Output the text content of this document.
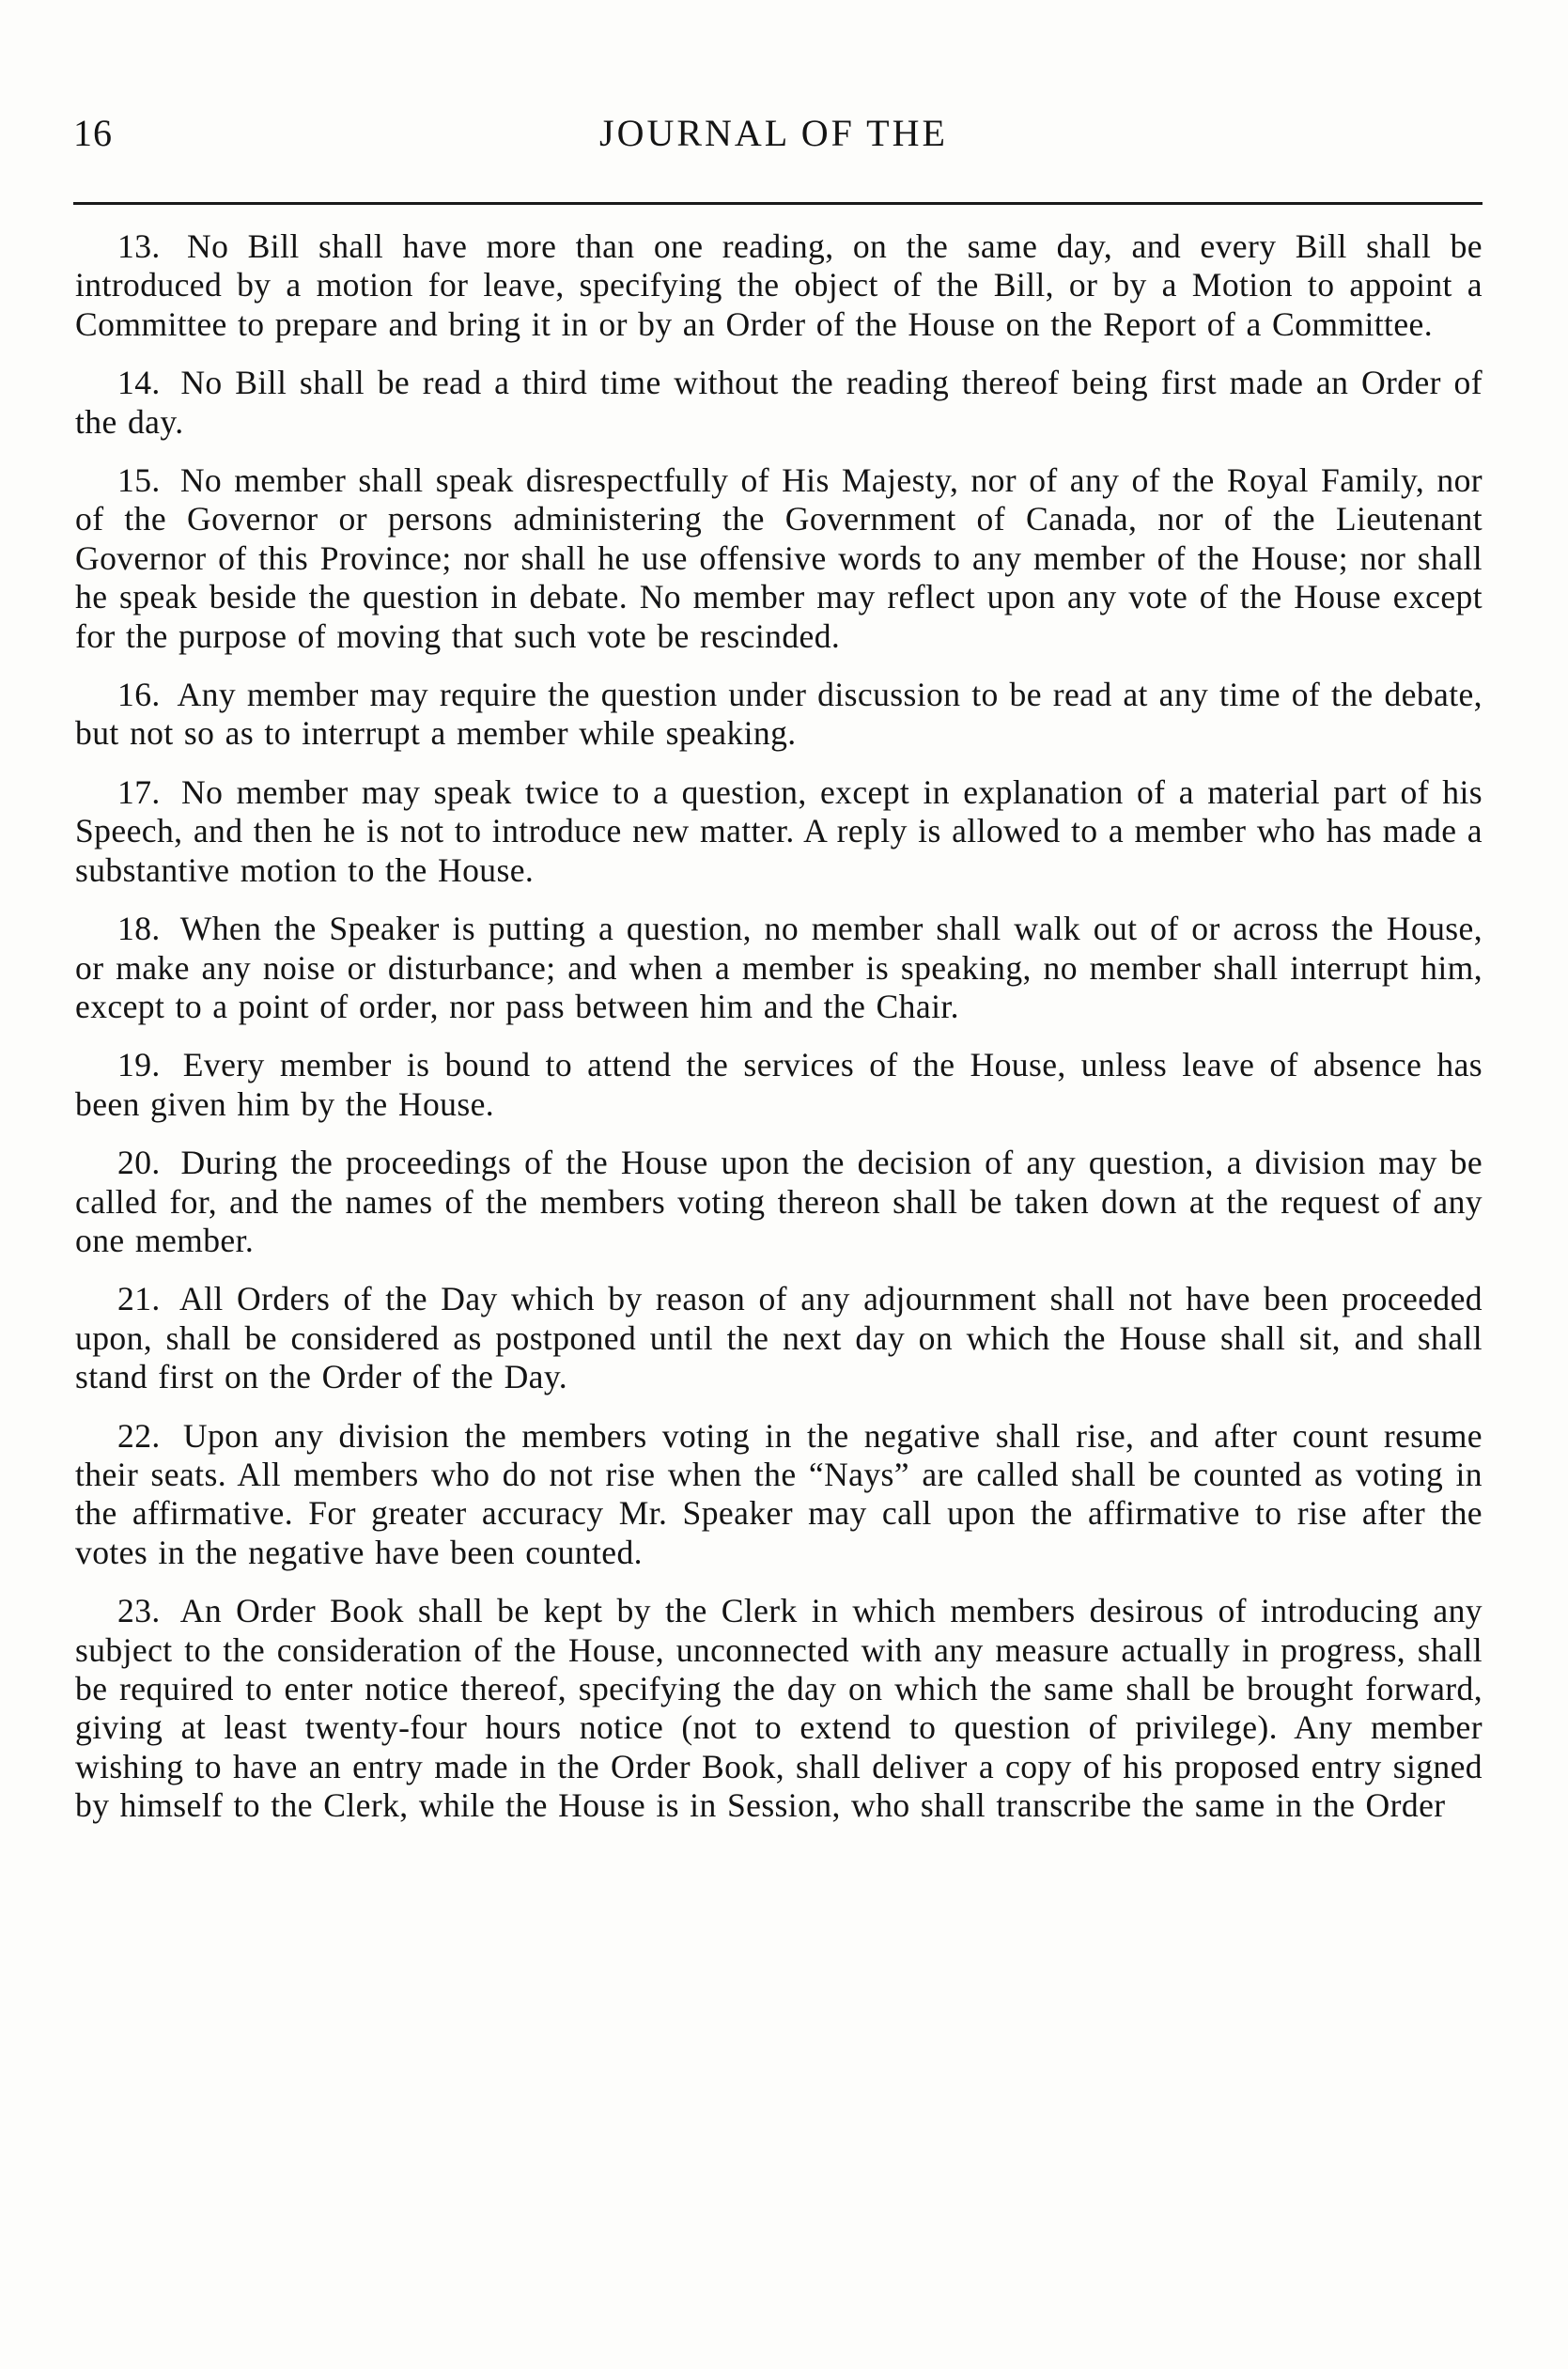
16	JOURNAL OF THE

13. No Bill shall have more than one reading, on the same day, and every Bill shall be introduced by a motion for leave, specifying the object of the Bill, or by a Motion to appoint a Committee to prepare and bring it in or by an Order of the House on the Report of a Committee.

14. No Bill shall be read a third time without the reading thereof being first made an Order of the day.

15. No member shall speak disrespectfully of His Majesty, nor of any of the Royal Family, nor of the Governor or persons administering the Government of Canada, nor of the Lieutenant Governor of this Province; nor shall he use offensive words to any member of the House; nor shall he speak beside the question in debate. No member may reflect upon any vote of the House except for the purpose of moving that such vote be rescinded.

16. Any member may require the question under discussion to be read at any time of the debate, but not so as to interrupt a member while speaking.

17. No member may speak twice to a question, except in explanation of a material part of his Speech, and then he is not to introduce new matter. A reply is allowed to a member who has made a substantive motion to the House.

18. When the Speaker is putting a question, no member shall walk out of or across the House, or make any noise or disturbance; and when a member is speaking, no member shall interrupt him, except to a point of order, nor pass between him and the Chair.

19. Every member is bound to attend the services of the House, unless leave of absence has been given him by the House.

20. During the proceedings of the House upon the decision of any question, a division may be called for, and the names of the members voting thereon shall be taken down at the request of any one member.

21. All Orders of the Day which by reason of any adjournment shall not have been proceeded upon, shall be considered as postponed until the next day on which the House shall sit, and shall stand first on the Order of the Day.

22. Upon any division the members voting in the negative shall rise, and after count resume their seats. All members who do not rise when the “Nays” are called shall be counted as voting in the affirmative. For greater accuracy Mr. Speaker may call upon the affirmative to rise after the votes in the negative have been counted.

23. An Order Book shall be kept by the Clerk in which members desirous of introducing any subject to the consideration of the House, unconnected with any measure actually in progress, shall be required to enter notice thereof, specifying the day on which the same shall be brought forward, giving at least twenty-four hours notice (not to extend to question of privilege). Any member wishing to have an entry made in the Order Book, shall deliver a copy of his proposed entry signed by himself to the Clerk, while the House is in Session, who shall transcribe the same in the Order
